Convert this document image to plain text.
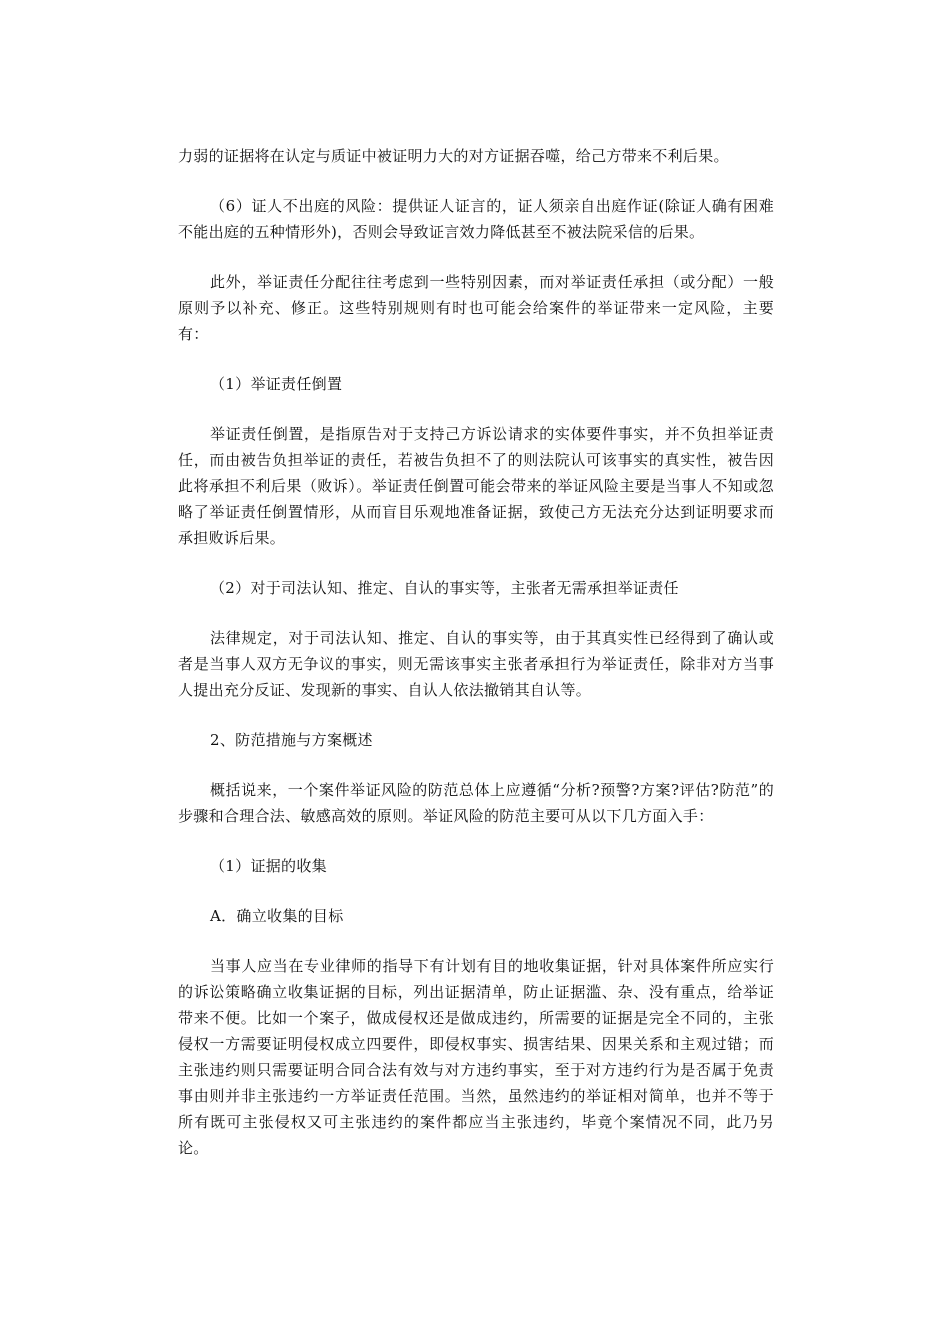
力弱的证据将在认定与质证中被证明力大的对方证据吞噬，给己方带来不利后果。

（6）证人不出庭的风险：提供证人证言的，证人须亲自出庭作证(除证人确有困难不能出庭的五种情形外)，否则会导致证言效力降低甚至不被法院采信的后果。

此外，举证责任分配往往考虑到一些特别因素，而对举证责任承担（或分配）一般原则予以补充、修正。这些特别规则有时也可能会给案件的举证带来一定风险，主要有：

（1）举证责任倒置

举证责任倒置，是指原告对于支持己方诉讼请求的实体要件事实，并不负担举证责任，而由被告负担举证的责任，若被告负担不了的则法院认可该事实的真实性，被告因此将承担不利后果（败诉）。举证责任倒置可能会带来的举证风险主要是当事人不知或忽略了举证责任倒置情形，从而盲目乐观地准备证据，致使己方无法充分达到证明要求而承担败诉后果。

（2）对于司法认知、推定、自认的事实等，主张者无需承担举证责任

法律规定，对于司法认知、推定、自认的事实等，由于其真实性已经得到了确认或者是当事人双方无争议的事实，则无需该事实主张者承担行为举证责任，除非对方当事人提出充分反证、发现新的事实、自认人依法撤销其自认等。

2、防范措施与方案概述

概括说来，一个案件举证风险的防范总体上应遵循“分析?预警?方案?评估?防范”的步骤和合理合法、敏感高效的原则。举证风险的防范主要可从以下几方面入手：

（1）证据的收集

A．确立收集的目标

当事人应当在专业律师的指导下有计划有目的地收集证据，针对具体案件所应实行的诉讼策略确立收集证据的目标，列出证据清单，防止证据滥、杂、没有重点，给举证带来不便。比如一个案子，做成侵权还是做成违约，所需要的证据是完全不同的，主张侵权一方需要证明侵权成立四要件，即侵权事实、损害结果、因果关系和主观过错；而主张违约则只需要证明合同合法有效与对方违约事实，至于对方违约行为是否属于免责事由则并非主张违约一方举证责任范围。当然，虽然违约的举证相对简单，也并不等于所有既可主张侵权又可主张违约的案件都应当主张违约，毕竟个案情况不同，此乃另论。
